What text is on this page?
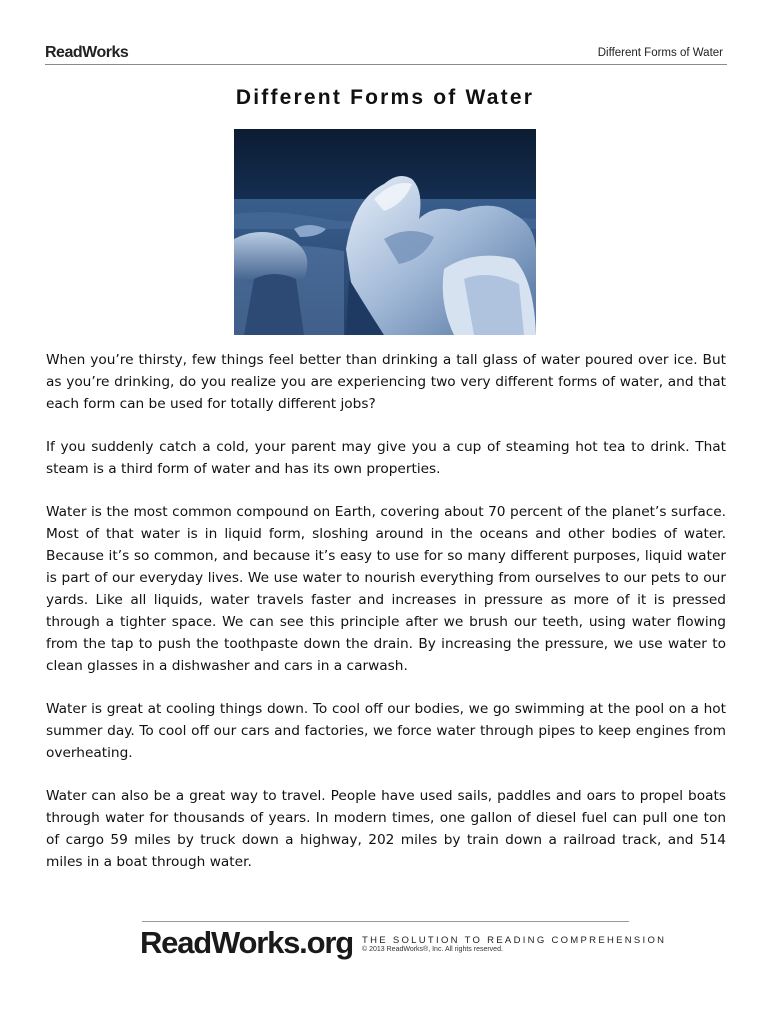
ReadWorks	Different Forms of Water
Different Forms of Water

When you’re thirsty, few things feel better than drinking a tall glass of water poured over ice. But as you’re drinking, do you realize you are experiencing two very different forms of water, and that each form can be used for totally different jobs?

If you suddenly catch a cold, your parent may give you a cup of steaming hot tea to drink. That steam is a third form of water and has its own properties.

Water is the most common compound on Earth, covering about 70 percent of the planet’s surface. Most of that water is in liquid form, sloshing around in the oceans and other bodies of water. Because it’s so common, and because it’s easy to use for so many different purposes, liquid water is part of our everyday lives. We use water to nourish everything from ourselves to our pets to our yards. Like all liquids, water travels faster and increases in pressure as more of it is pressed through a tighter space. We can see this principle after we brush our teeth, using water flowing from the tap to push the toothpaste down the drain. By increasing the pressure, we use water to clean glasses in a dishwasher and cars in a carwash.

Water is great at cooling things down. To cool off our bodies, we go swimming at the pool on a hot summer day. To cool off our cars and factories, we force water through pipes to keep engines from overheating.

Water can also be a great way to travel. People have used sails, paddles and oars to propel boats through water for thousands of years. In modern times, one gallon of diesel fuel can pull one ton of cargo 59 miles by truck down a highway, 202 miles by train down a railroad track, and 514 miles in a boat through water.

ReadWorks.org THE SOLUTION TO READING COMPREHENSION
© 2013 ReadWorks®, Inc. All rights reserved.
